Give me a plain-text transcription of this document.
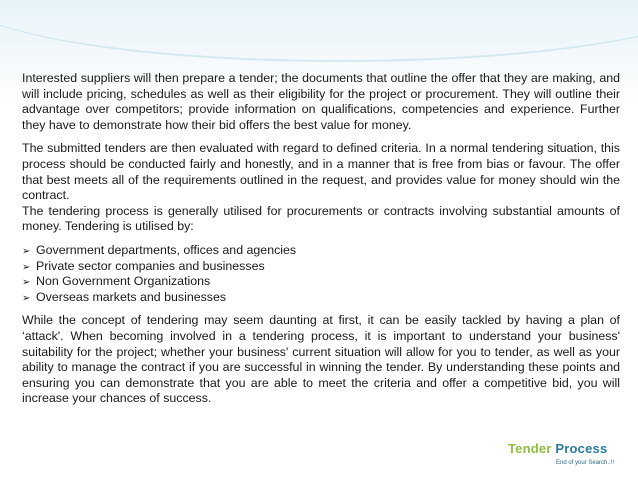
Interested suppliers will then prepare a tender; the documents that outline the offer that they are making, and will include pricing, schedules as well as their eligibility for the project or procurement. They will outline their advantage over competitors; provide information on qualifications, competencies and experience. Further they have to demonstrate how their bid offers the best value for money.

The submitted tenders are then evaluated with regard to defined criteria. In a normal tendering situation, this process should be conducted fairly and honestly, and in a manner that is free from bias or favour. The offer that best meets all of the requirements outlined in the request, and provides value for money should win the contract.

The tendering process is generally utilised for procurements or contracts involving substantial amounts of money. Tendering is utilised by:

➢ Government departments, offices and agencies
➢ Private sector companies and businesses
➢ Non Government Organizations
➢ Overseas markets and businesses

While the concept of tendering may seem daunting at first, it can be easily tackled by having a plan of ‘attack'. When becoming involved in a tendering process, it is important to understand your business' suitability for the project; whether your business' current situation will allow for you to tender, as well as your ability to manage the contract if you are successful in winning the tender. By understanding these points and ensuring you can demonstrate that you are able to meet the criteria and offer a competitive bid, you will increase your chances of success.

Tender Process
End of your Search..!!
